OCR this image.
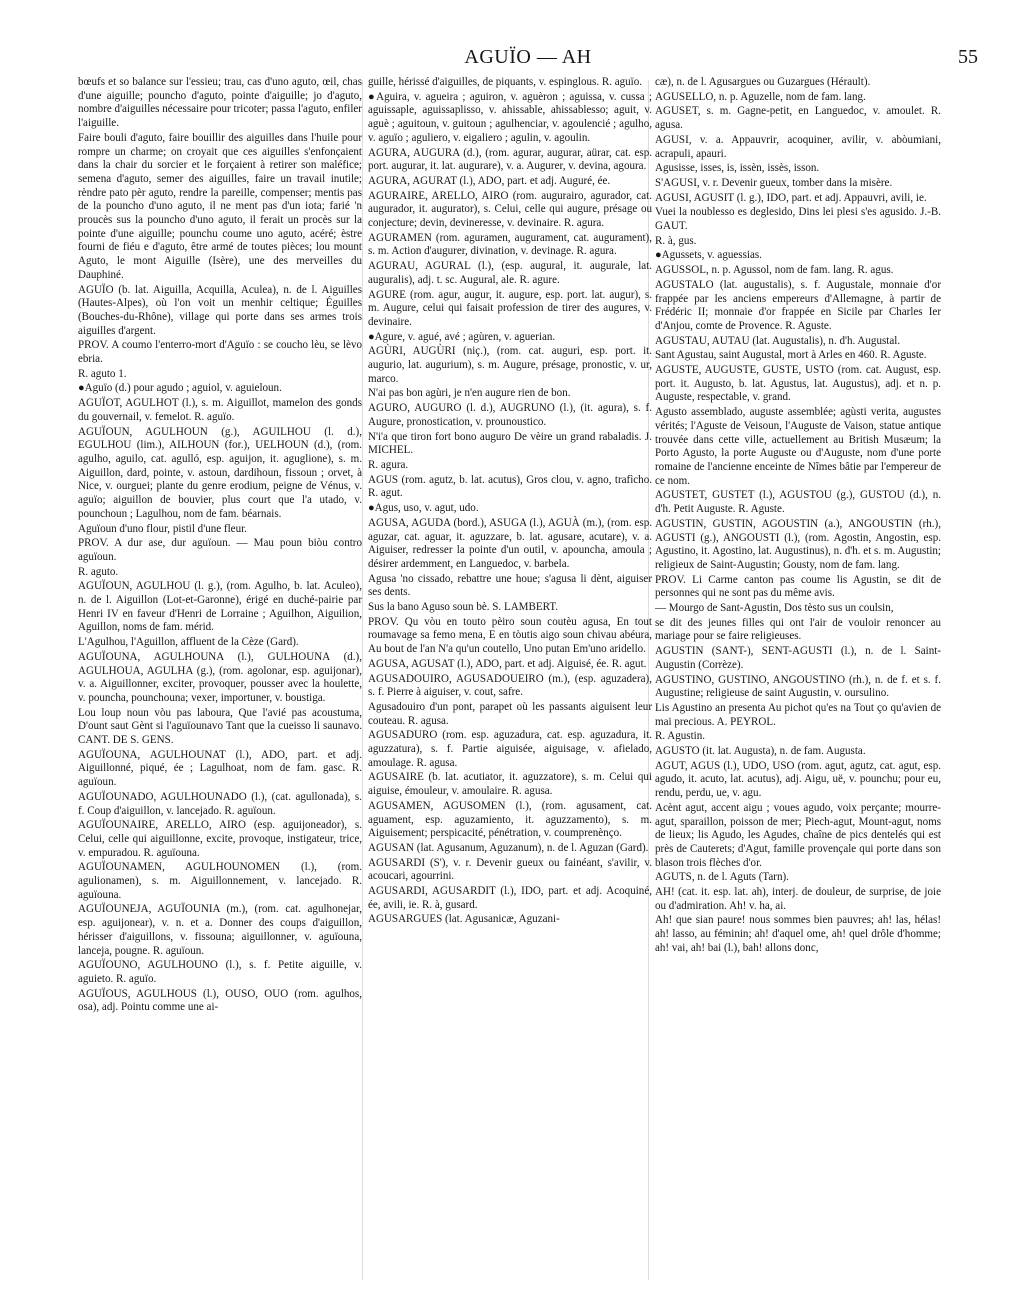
AGUÏO — AH	55

bœufs et so balance sur l'essieu; trau, cas d'uno aguto, œil, chas d'une aiguille; pouncho d'aguto, pointe d'aiguille; jo d'aguto, nombre d'aiguilles nécessaire pour tricoter; passa l'aguto, enfiler l'aiguille.

Faire bouli d'aguto, faire bouillir des aiguilles dans l'huile pour rompre un charme; on croyait que ces aiguilles s'enfonçaient dans la chair du sorcier et le forçaient à retirer son maléfice; semena d'aguto, semer des aiguilles, faire un travail inutile; rèndre pato pèr aguto, rendre la pareille, compenser; mentis pas de la pouncho d'uno aguto, il ne ment pas d'un iota; farié 'n proucès sus la pouncho d'uno aguto, il ferait un procès sur la pointe d'une aiguille; pounchu coume uno aguto, acéré; èstre fourni de fiéu e d'aguto, être armé de toutes pièces; lou mount Aguto, le mont Aiguille (Isère), une des merveilles du Dauphiné.

AGUÏO (b. lat. Aiguilla, Acquilla, Aculea), n. de l. Aiguilles (Hautes-Alpes), où l'on voit un menhir celtique; Éguilles (Bouches-du-Rhône), village qui porte dans ses armes trois aiguilles d'argent.

PROV. A coumo l'enterro-mort d'Aguïo : se coucho lèu, se lèvo ebria.

R. aguto 1.

●Aguïo (d.) pour agudo ; aguiol, v. aguieloun.

AGUÏOT, AGULHOT (l.), s. m. Aiguillot, mamelon des gonds du gouvernail, v. femelot. R. aguïo.

AGUÏOUN, AGULHOUN (g.), AGUILHOU (l. d.), EGULHOU (lim.), AILHOUN (for.), UELHOUN (d.), (rom. agulho, aguilo, cat. agulló, esp. aguijon, it. aguglione), s. m. Aiguillon, dard, pointe, v. astoun, dardihoun, fissoun ; orvet, à Nice, v. ourguei; plante du genre erodium, peigne de Vénus, v. aguïo; aiguillon de bouvier, plus court que l'a utado, v. pounchoun ; Lagulhou, nom de fam. béarnais.

Aguïoun d'uno flour, pistil d'une fleur.

PROV. A dur ase, dur aguïoun. — Mau poun biòu contro aguïoun.

R. aguto.

AGUÏOUN, AGULHOU (l. g.), (rom. Agulho, b. lat. Aculeo), n. de l. Aiguillon (Lot-et-Garonne), érigé en duché-pairie par Henri IV en faveur d'Henri de Lorraine ; Aguilhon, Aiguilion, Aguillon, noms de fam. mérid.

L'Agulhou, l'Aguillon, affluent de la Cèze (Gard).

AGUÏOUNA, AGULHOUNA (l.), GULHOUNA (d.), AGULHOUA, AGULHA (g.), (rom. agolonar, esp. aguijonar), v. a. Aiguillonner, exciter, provoquer, pousser avec la houlette, v. pouncha, pounchouna; vexer, importuner, v. boustiga.

Lou loup noun vòu pas laboura, Que l'avié pas acoustuma, D'ount saut Gènt si l'aguïounavo Tant que la cueisso li saunavo. CANT. DE S. GENS.

AGUÏOUNA, AGULHOUNAT (l.), ADO, part. et adj. Aiguillonné, piqué, ée ; Lagulhoat, nom de fam. gasc. R. aguïoun.

AGUÏOUNADO, AGULHOUNADO (l.), (cat. agullonada), s. f. Coup d'aiguillon, v. lancejado. R. aguïoun.

AGUÏOUNAIRE, ARELLO, AIRO (esp. aguijoneador), s. Celui, celle qui aiguillonne, excite, provoque, instigateur, trice, v. empuradou. R. aguïouna.

AGUÏOUNAMEN, AGULHOUNOMEN (l.), (rom. agulionamen), s. m. Aiguillonnement, v. lancejado. R. aguïouna.

AGUÏOUNEJA, AGUÏOUNIA (m.), (rom. cat. agulhonejar, esp. aguijonear), v. n. et a. Donner des coups d'aiguillon, hérisser d'aiguillons, v. fissouna; aiguillonner, v. aguïouna, lanceja, pougne. R. aguïoun.

AGUÏOUNO, AGULHOUNO (l.), s. f. Petite aiguille, v. aguieto. R. aguïo.

AGUÏOUS, AGULHOUS (l.), OUSO, OUO (rom. agulhos, osa), adj. Pointu comme une ai-

guille, hérissé d'aiguilles, de piquants, v. espinglous. R. aguïo.

●Aguira, v. agueira ; aguiron, v. aguèron ; aguissa, v. cussa ; aguissaple, aguissaplisso, v. ahissable, ahissablesso; aguit, v. aguè ; aguitoun, v. guitoun ; agulhenciar, v. agoulencié ; agulho, v. aguïo ; aguliero, v. eigaliero ; agulin, v. agoulin.

AGURA, AUGURA (d.), (rom. agurar, augurar, aürar, cat. esp. port. augurar, it. lat. augurare), v. a. Augurer, v. devina, agoura.

AGURA, AGURAT (l.), ADO, part. et adj. Auguré, ée.

AGURAIRE, ARELLO, AIRO (rom. augurairo, agurador, cat. augurador, it. augurator), s. Celui, celle qui augure, présage ou conjecture; devin, devineresse, v. devinaire. R. agura.

AGURAMEN (rom. aguramen, augurament, cat. augurament), s. m. Action d'augurer, divination, v. devinage. R. agura.

AGURAU, AGURAL (l.), (esp. augural, it. augurale, lat. auguralis), adj. t. sc. Augural, ale. R. agure.

AGURE (rom. agur, augur, it. augure, esp. port. lat. augur), s. m. Augure, celui qui faisait profession de tirer des augures, v. devinaire.

●Agure, v. agué, avé ; agùren, v. aguerian.

AGÙRI, AUGÙRI (niç.), (rom. cat. auguri, esp. port. it. augurio, lat. augurium), s. m. Augure, présage, pronostic, v. ur, marco.

N'ai pas bon agùri, je n'en augure rien de bon.

AGURO, AUGURO (l. d.), AUGRUNO (l.), (it. agura), s. f. Augure, pronostication, v. prounoustico.

N'i'a que tiron fort bono auguro De vèire un grand rabaladis. J. MICHEL.

R. agura.

AGUS (rom. agutz, b. lat. acutus), Gros clou, v. agno, trafìcho. R. agut.

●Agus, uso, v. agut, udo.

AGUSA, AGUDA (bord.), ASUGA (l.), AGUÀ (m.), (rom. esp. aguzar, cat. aguar, it. aguzzare, b. lat. agusare, acutare), v. a. Aiguiser, redresser la pointe d'un outil, v. apouncha, amoula ; désirer ardemment, en Languedoc, v. barbela.

Agusa 'no cissado, rebattre une houe; s'agusa li dènt, aiguiser ses dents.

Sus la bano Aguso soun bè. S. LAMBERT.

PROV. Qu vòu en touto pèiro soun coutèu agusa, En tout roumavage sa femo mena, E en tòutis aigo soun chivau abéura, Au bout de l'an N'a qu'un coutello, Uno putan Em'uno aridello.

AGUSA, AGUSAT (l.), ADO, part. et adj. Aiguisé, ée. R. agut.

AGUSADOUIRO, AGUSADOUEIRO (m.), (esp. aguzadera), s. f. Pierre à aiguiser, v. cout, safre.

Agusadouiro d'un pont, parapet où les passants aiguisent leur couteau. R. agusa.

AGUSADURO (rom. esp. aguzadura, cat. esp. aguzadura, it. aguzzatura), s. f. Partie aiguisée, aiguisage, v. afielado, amoulage. R. agusa.

AGUSAIRE (b. lat. acutiator, it. aguzzatore), s. m. Celui qui aiguise, émouleur, v. amoulaire. R. agusa.

AGUSAMEN, AGUSOMEN (l.), (rom. agusament, cat. aguament, esp. aguzamiento, it. aguzzamento), s. m. Aiguisement; perspicacité, pénétration, v. coumprenènço.

AGUSAN (lat. Agusanum, Aguzanum), n. de l. Aguzan (Gard).

AGUSARDI (S'), v. r. Devenir gueux ou fainéant, s'avilir, v. acoucari, agourrini.

AGUSARDI, AGUSARDIT (l.), IDO, part. et adj. Acoquiné, ée, avili, ie. R. à, gusard.

AGUSARGUES (lat. Agusanicæ, Aguzani-

cæ), n. de l. Agusargues ou Guzargues (Hérault).

AGUSELLO, n. p. Aguzelle, nom de fam. lang.

AGUSET, s. m. Gagne-petit, en Languedoc, v. amoulet. R. agusa.

AGUSI, v. a. Appauvrir, acoquiner, avilir, v. abòumiani, acrapuli, apauri.

Agusisse, isses, is, issèn, issès, isson.

S'AGUSI, v. r. Devenir gueux, tomber dans la misère.

AGUSI, AGUSIT (l. g.), IDO, part. et adj. Appauvri, avili, ie.

Vuei la noublesso es deglesido, Dins lei plesi s'es agusido. J.-B. GAUT.

R. à, gus.

●Agussets, v. aguessias.

AGUSSOL, n. p. Agussol, nom de fam. lang. R. agus.

AGUSTALO (lat. augustalis), s. f. Augustale, monnaie d'or frappée par les anciens empereurs d'Allemagne, à partir de Frédéric II; monnaie d'or frappée en Sicile par Charles Ier d'Anjou, comte de Provence. R. Aguste.

AGUSTAU, AUTAU (lat. Augustalis), n. d'h. Augustal.

Sant Agustau, saint Augustal, mort à Arles en 460. R. Aguste.

AGUSTE, AUGUSTE, GUSTE, USTO (rom. cat. August, esp. port. it. Augusto, b. lat. Agustus, lat. Augustus), adj. et n. p. Auguste, respectable, v. grand.

Agusto assemblado, auguste assemblée; agùsti verita, augustes vérités; l'Aguste de Veisoun, l'Auguste de Vaison, statue antique trouvée dans cette ville, actuellement au British Musæum; la Porto Agusto, la porte Auguste ou d'Auguste, nom d'une porte romaine de l'ancienne enceinte de Nîmes bâtie par l'empereur de ce nom.

AGUSTET, GUSTET (l.), AGUSTOU (g.), GUSTOU (d.), n. d'h. Petit Auguste. R. Aguste.

AGUSTIN, GUSTIN, AGOUSTIN (a.), ANGOUSTIN (rh.), AGUSTI (g.), ANGOUSTI (l.), (rom. Agostin, Angostin, esp. Agustino, it. Agostino, lat. Augustinus), n. d'h. et s. m. Augustin; religieux de Saint-Augustin; Gousty, nom de fam. lang.

PROV. Li Carme canton pas coume lis Agustin, se dit de personnes qui ne sont pas du même avis.

— Mourgo de Sant-Agustin, Dos tèsto sus un coulsin,

se dit des jeunes filles qui ont l'air de vouloir renoncer au mariage pour se faire religieuses.

AGUSTIN (SANT-), SENT-AGUSTI (l.), n. de l. Saint-Augustin (Corrèze).

AGUSTINO, GUSTINO, ANGOUSTINO (rh.), n. de f. et s. f. Augustine; religieuse de saint Augustin, v. oursulino.

Lis Agustino an presenta Au pichot qu'es na Tout ço qu'avien de mai precious. A. PEYROL.

R. Agustin.

AGUSTO (it. lat. Augusta), n. de fam. Augusta.

AGUT, AGUS (l.), UDO, USO (rom. agut, agutz, cat. agut, esp. agudo, it. acuto, lat. acutus), adj. Aigu, uë, v. pounchu; pour eu, rendu, perdu, ue, v. agu.

Acènt agut, accent aigu ; voues agudo, voix perçante; mourre-agut, sparaillon, poisson de mer; Piech-agut, Mount-agut, noms de lieux; lis Agudo, les Agudes, chaîne de pics dentelés qui est près de Cauterets; d'Agut, famille provençale qui porte dans son blason trois flèches d'or.

AGUTS, n. de l. Aguts (Tarn).

AH! (cat. it. esp. lat. ah), interj. de douleur, de surprise, de joie ou d'admiration. Ah! v. ha, ai.

Ah! que sian paure! nous sommes bien pauvres; ah! las, hélas! ah! lasso, au féminin; ah! d'aquel ome, ah! quel drôle d'homme; ah! vai, ah! bai (l.), bah! allons donc,
